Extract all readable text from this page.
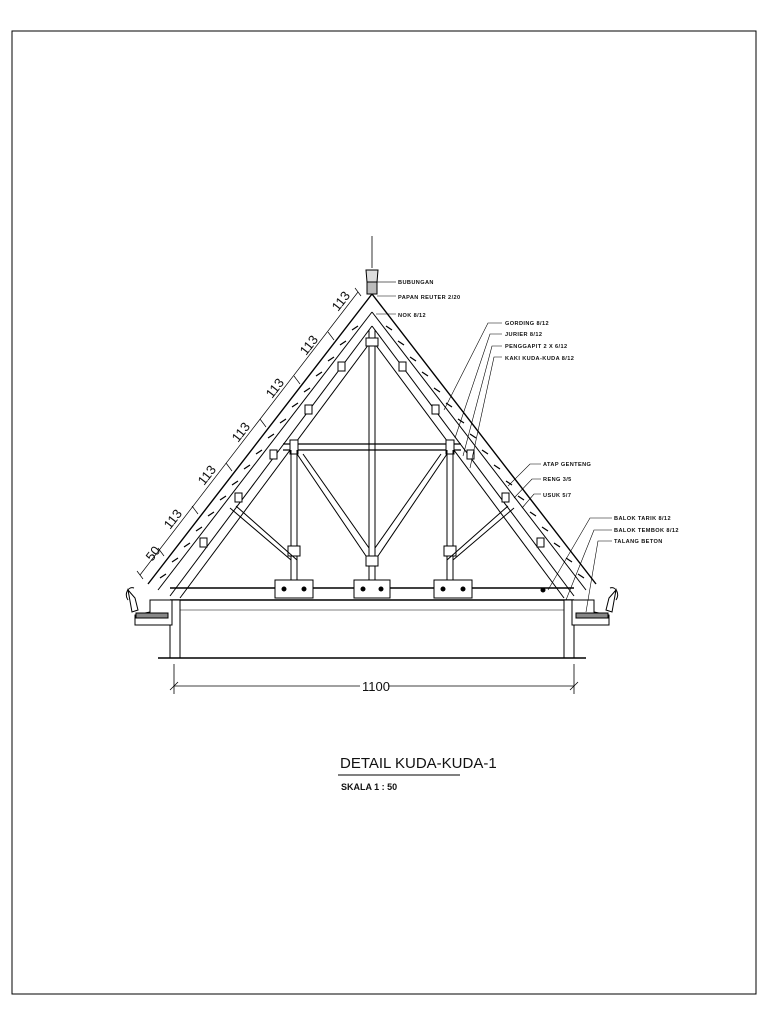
50
113
113
113
113
113
113
1100
BUBUNGAN
PAPAN REUTER 2/20
NOK 8/12
GORDING 8/12
JURIER 8/12
PENGGAPIT 2 X 6/12
KAKI KUDA-KUDA 8/12
ATAP GENTENG
RENG 3/5
USUK 5/7
BALOK TARIK 8/12
BALOK TEMBOK 8/12
TALANG BETON
DETAIL KUDA-KUDA-1
SKALA 1 : 50
